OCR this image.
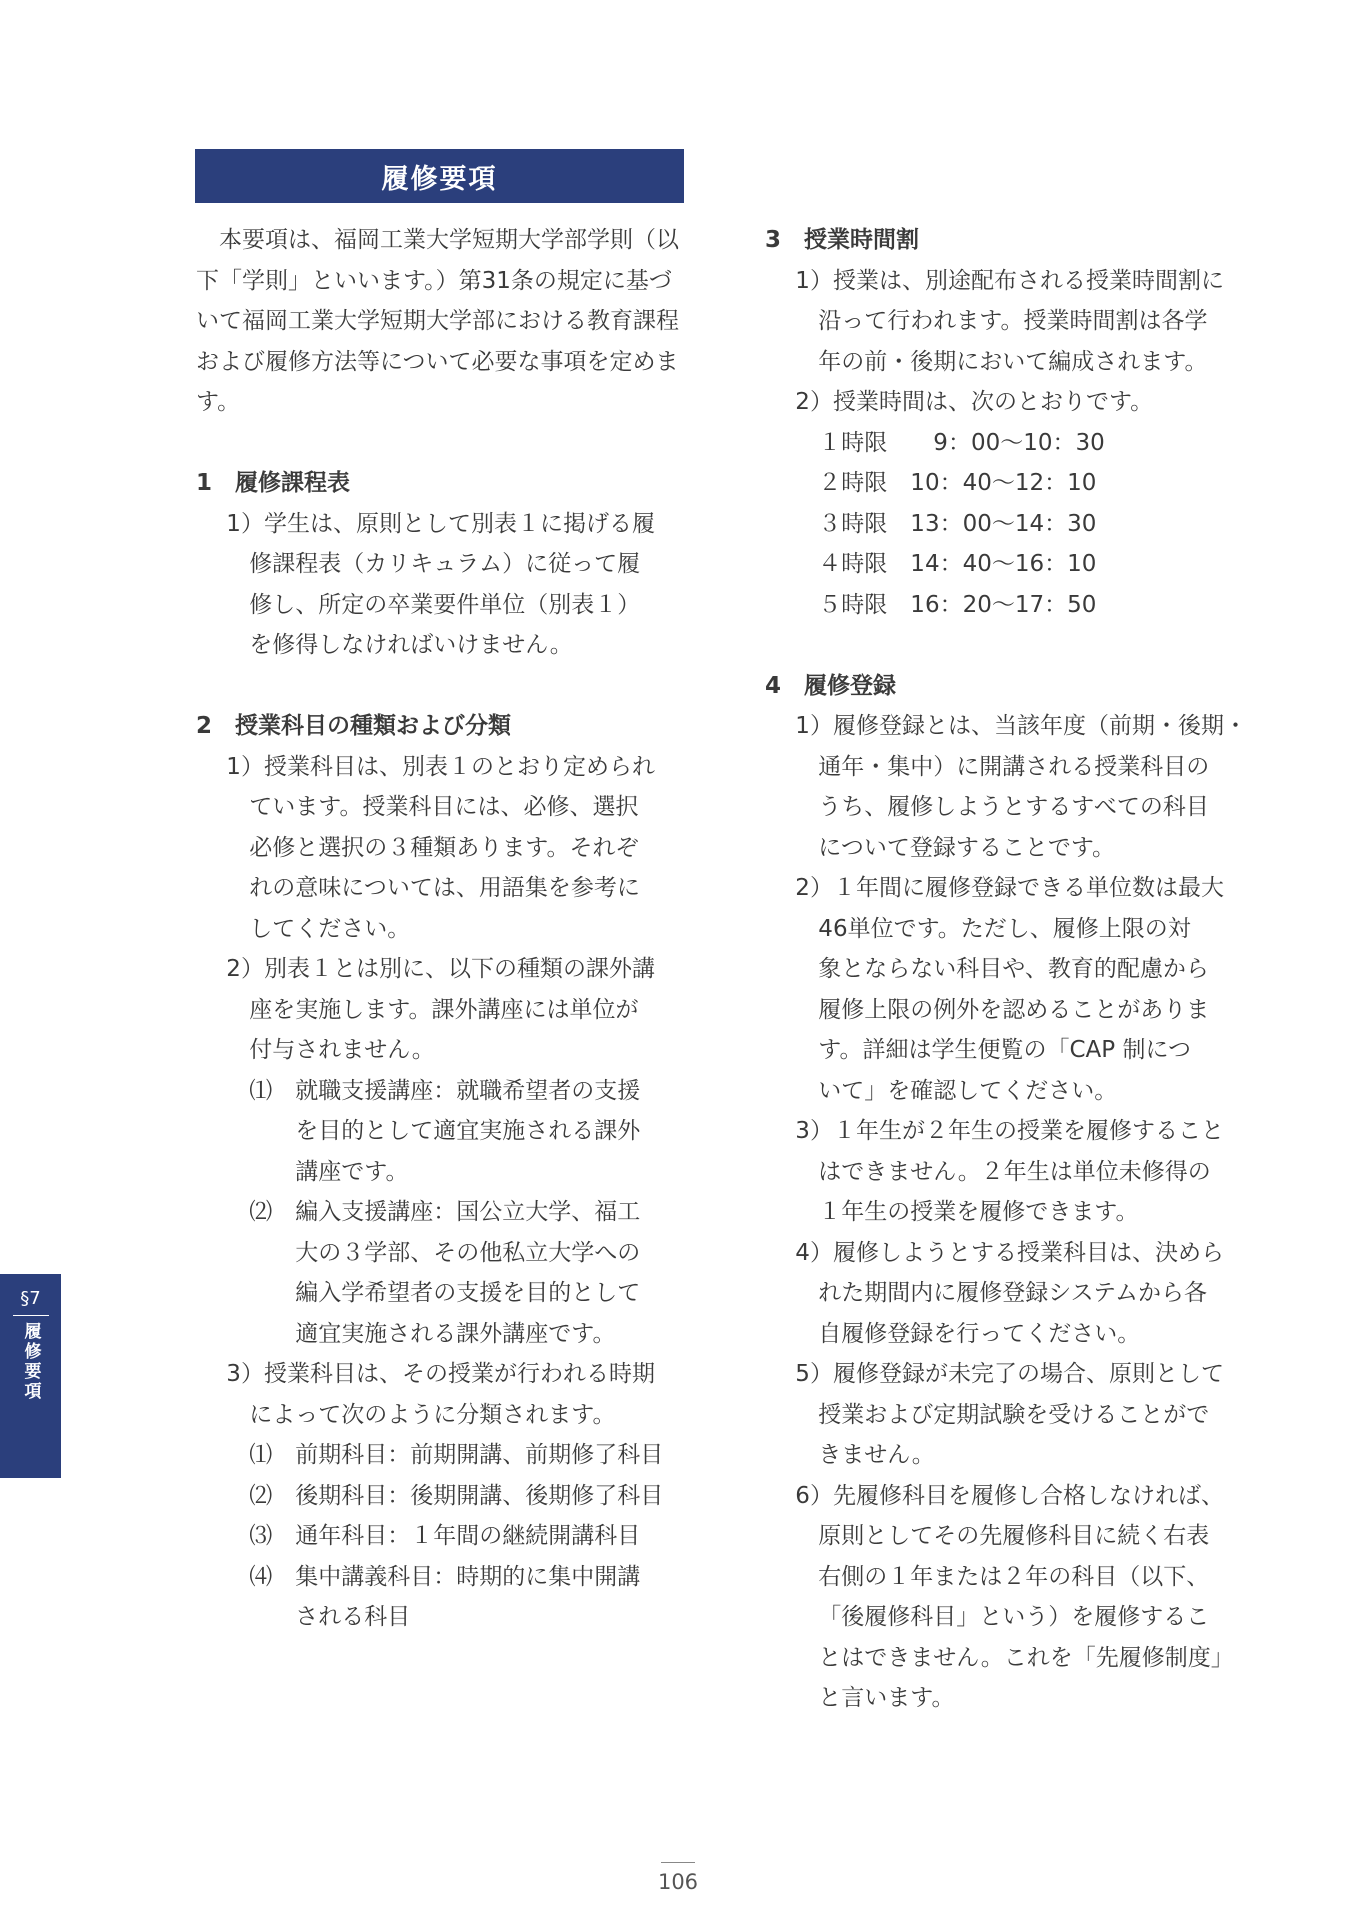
履修要項
　本要項は、福岡工業大学短期大学部学則（以
下「学則」といいます。）第31条の規定に基づ
いて福岡工業大学短期大学部における教育課程
および履修方法等について必要な事項を定めま
す。
1　履修課程表
　 1）学生は、原則として別表１に掲げる履
　　 修課程表（カリキュラム）に従って履
　　 修し、所定の卒業要件単位（別表１）
　　 を修得しなければいけません。
2　授業科目の種類および分類
　 1）授業科目は、別表１のとおり定められ
　　 ています。授業科目には、必修、選択
　　 必修と選択の３種類あります。それぞ
　　 れの意味については、用語集を参考に
　　 してください。
　 2）別表１とは別に、以下の種類の課外講
　　 座を実施します。課外講座には単位が
　　 付与されません。
　　 ⑴　就職支援講座：就職希望者の支援
　　　　 を目的として適宜実施される課外
　　　　 講座です。
　　 ⑵　編入支援講座：国公立大学、福工
　　　　 大の３学部、その他私立大学への
　　　　 編入学希望者の支援を目的として
　　　　 適宜実施される課外講座です。
　 3）授業科目は、その授業が行われる時期
　　 によって次のように分類されます。
　　 ⑴　前期科目：前期開講、前期修了科目
　　 ⑵　後期科目：後期開講、後期修了科目
　　 ⑶　通年科目：１年間の継続開講科目
　　 ⑷　集中講義科目：時期的に集中開講
　　　　 される科目
3　授業時間割
　 1）授業は、別途配布される授業時間割に
　　 沿って行われます。授業時間割は各学
　　 年の前・後期において編成されます。
　 2）授業時間は、次のとおりです。
　　 １時限　　9：00〜10：30
　　 ２時限　10：40〜12：10
　　 ３時限　13：00〜14：30
　　 ４時限　14：40〜16：10
　　 ５時限　16：20〜17：50
4　履修登録
　 1）履修登録とは、当該年度（前期・後期・
　　 通年・集中）に開講される授業科目の
　　 うち、履修しようとするすべての科目
　　 について登録することです。
　 2）１年間に履修登録できる単位数は最大
　　 46単位です。ただし、履修上限の対
　　 象とならない科目や、教育的配慮から
　　 履修上限の例外を認めることがありま
　　 す。詳細は学生便覧の「CAP 制につ
　　 いて」を確認してください。
　 3）１年生が２年生の授業を履修すること
　　 はできません。２年生は単位未修得の
　　 １年生の授業を履修できます。
　 4）履修しようとする授業科目は、決めら
　　 れた期間内に履修登録システムから各
　　 自履修登録を行ってください。
　 5）履修登録が未完了の場合、原則として
　　 授業および定期試験を受けることがで
　　 きません。
　 6）先履修科目を履修し合格しなければ、
　　 原則としてその先履修科目に続く右表
　　 右側の１年または２年の科目（以下、
　　 「後履修科目」という）を履修するこ
　　 とはできません。これを「先履修制度」
　　 と言います。
§7
履修要項
106
